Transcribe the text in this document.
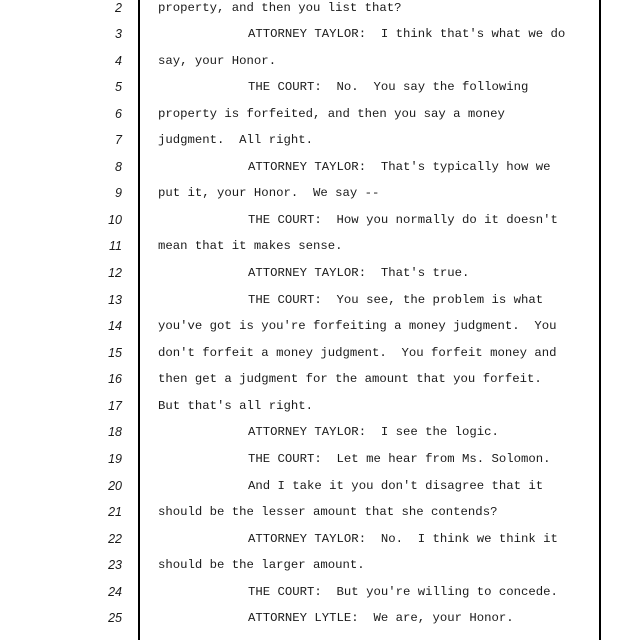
2	property, and then you list that?
3	ATTORNEY TAYLOR:  I think that's what we do
4	say, your Honor.
5	THE COURT:  No.  You say the following
6	property is forfeited, and then you say a money
7	judgment.  All right.
8	ATTORNEY TAYLOR:  That's typically how we
9	put it, your Honor.  We say --
10	THE COURT:  How you normally do it doesn't
11	mean that it makes sense.
12	ATTORNEY TAYLOR:  That's true.
13	THE COURT:  You see, the problem is what
14	you've got is you're forfeiting a money judgment.  You
15	don't forfeit a money judgment.  You forfeit money and
16	then get a judgment for the amount that you forfeit.
17	But that's all right.
18	ATTORNEY TAYLOR:  I see the logic.
19	THE COURT:  Let me hear from Ms. Solomon.
20	And I take it you don't disagree that it
21	should be the lesser amount that she contends?
22	ATTORNEY TAYLOR:  No.  I think we think it
23	should be the larger amount.
24	THE COURT:  But you're willing to concede.
25	ATTORNEY LYTLE:  We are, your Honor.
